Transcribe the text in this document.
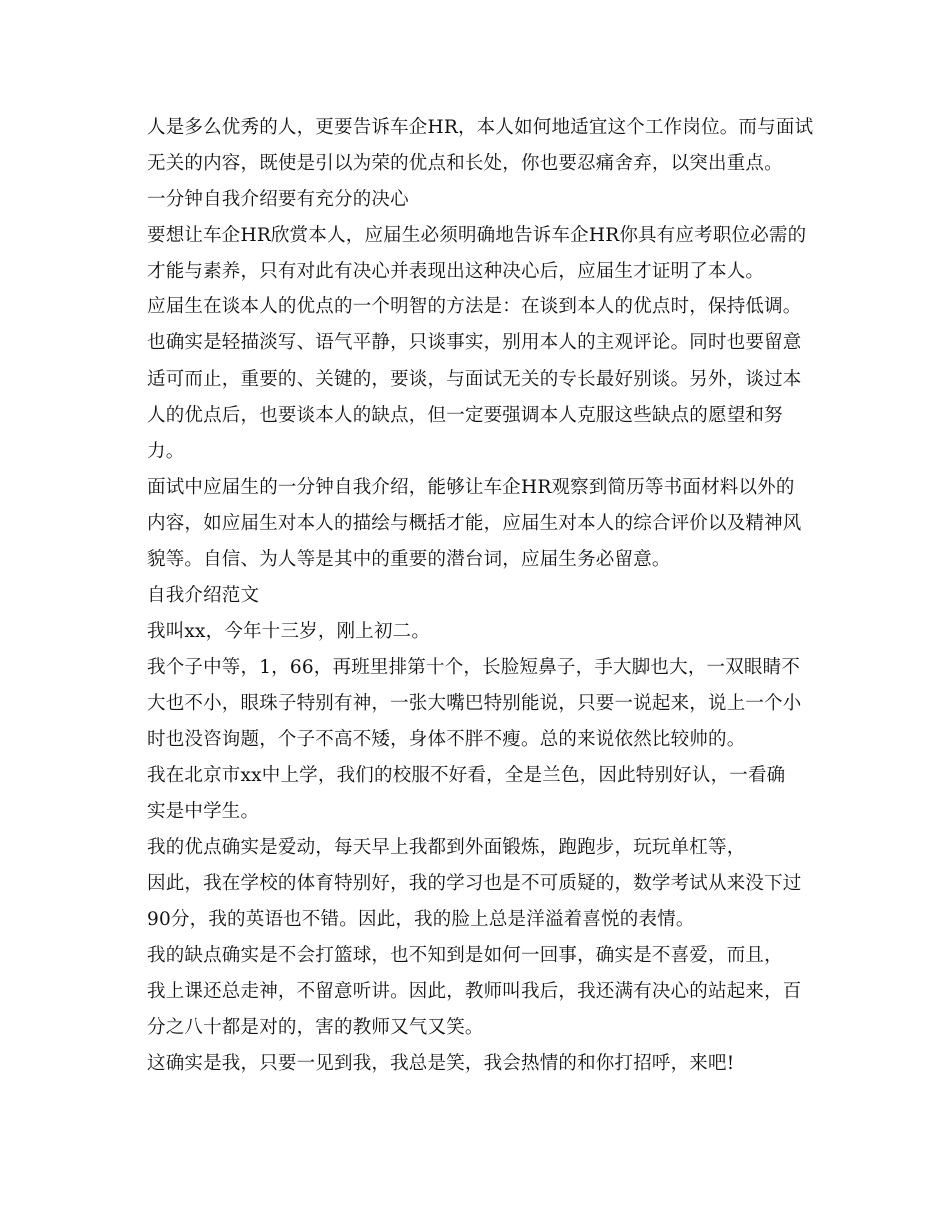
人是多么优秀的人，更要告诉车企HR，本人如何地适宜这个工作岗位。而与面试
无关的内容，既使是引以为荣的优点和长处，你也要忍痛舍弃，以突出重点。
一分钟自我介绍要有充分的决心
要想让车企HR欣赏本人，应届生必须明确地告诉车企HR你具有应考职位必需的
才能与素养，只有对此有决心并表现出这种决心后，应届生才证明了本人。
应届生在谈本人的优点的一个明智的方法是：在谈到本人的优点时，保持低调。
也确实是轻描淡写、语气平静，只谈事实，别用本人的主观评论。同时也要留意
适可而止，重要的、关键的，要谈，与面试无关的专长最好别谈。另外，谈过本
人的优点后，也要谈本人的缺点，但一定要强调本人克服这些缺点的愿望和努
力。
面试中应届生的一分钟自我介绍，能够让车企HR观察到简历等书面材料以外的
内容，如应届生对本人的描绘与概括才能，应届生对本人的综合评价以及精神风
貌等。自信、为人等是其中的重要的潜台词，应届生务必留意。
自我介绍范文
我叫xx，今年十三岁，刚上初二。
我个子中等，1，66，再班里排第十个，长脸短鼻子，手大脚也大，一双眼睛不
大也不小，眼珠子特别有神，一张大嘴巴特别能说，只要一说起来，说上一个小
时也没咨询题，个子不高不矮，身体不胖不瘦。总的来说依然比较帅的。
我在北京市xx中上学，我们的校服不好看，全是兰色，因此特别好认，一看确
实是中学生。
我的优点确实是爱动，每天早上我都到外面锻炼，跑跑步，玩玩单杠等，
因此，我在学校的体育特别好，我的学习也是不可质疑的，数学考试从来没下过
90分，我的英语也不错。因此，我的脸上总是洋溢着喜悦的表情。
我的缺点确实是不会打篮球，也不知到是如何一回事，确实是不喜爱，而且，
我上课还总走神，不留意听讲。因此，教师叫我后，我还满有决心的站起来，百
分之八十都是对的，害的教师又气又笑。
这确实是我，只要一见到我，我总是笑，我会热情的和你打招呼，来吧!
